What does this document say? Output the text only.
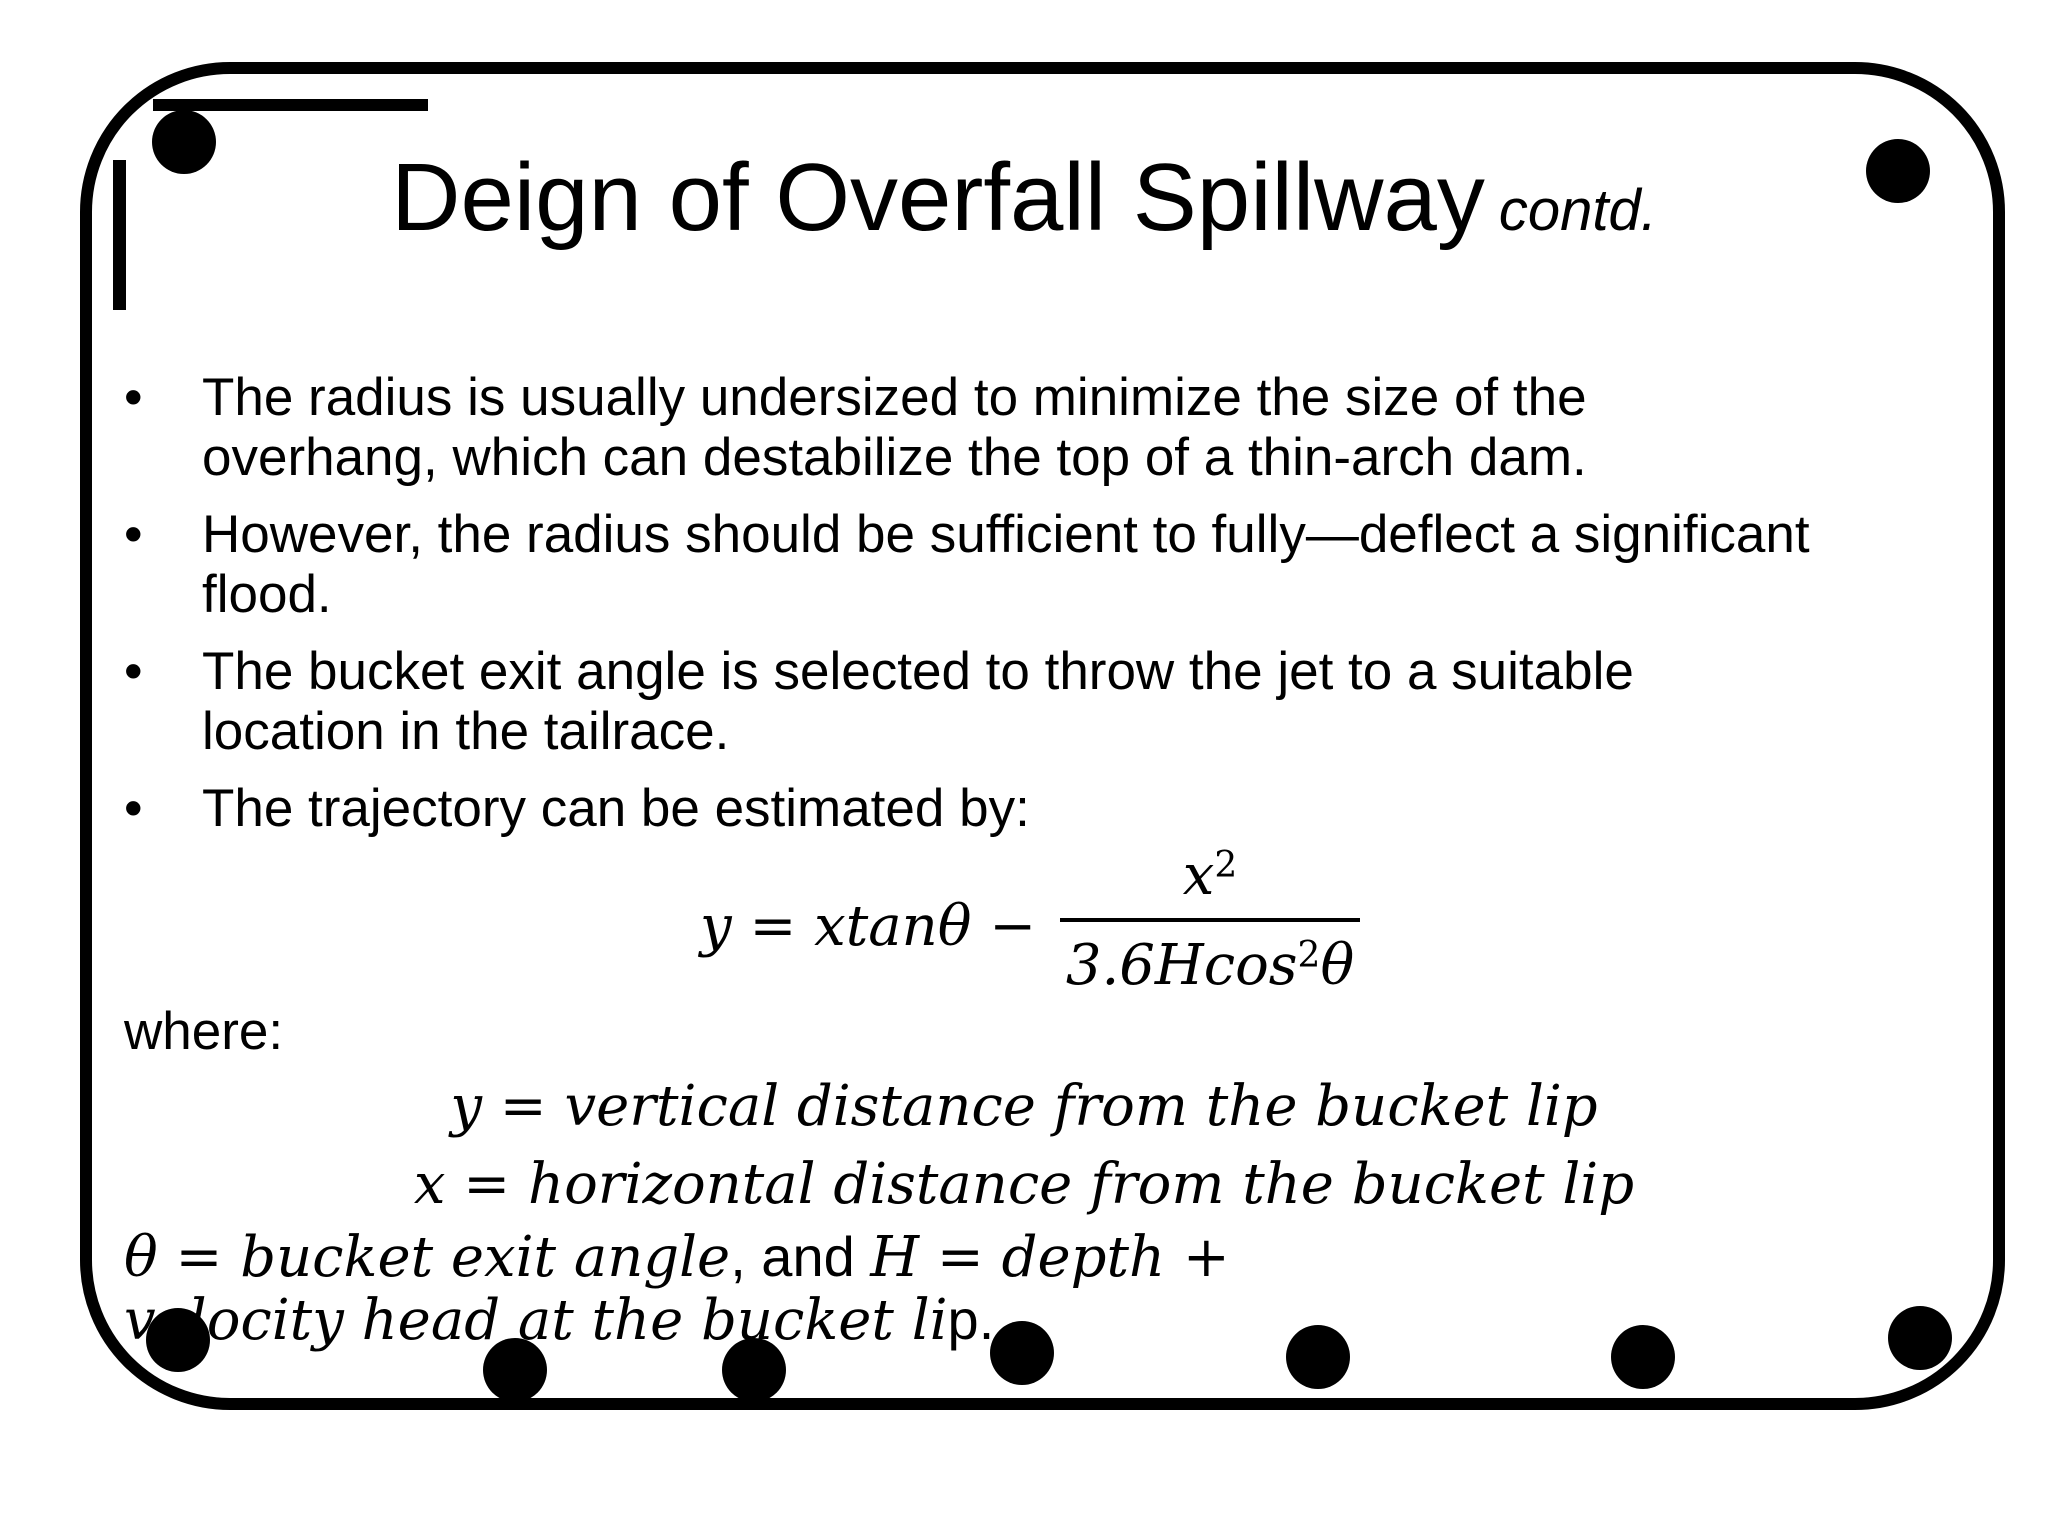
Deign of Overfall Spillway contd.
• The radius is usually undersized to minimize the size of the overhang, which can destabilize the top of a thin-arch dam.
• However, the radius should be sufficient to fully—deflect a significant flood.
• The bucket exit angle is selected to throw the jet to a suitable location in the tailrace.
• The trajectory can be estimated by:
y = xtanθ −
$x^2$
3.6Hcos$^2$θ
where:
y = vertical distance from the bucket lip
x = horizontal distance from the bucket lip
θ = bucket exit angle, and H = depth + velocity head at the bucket lip.
